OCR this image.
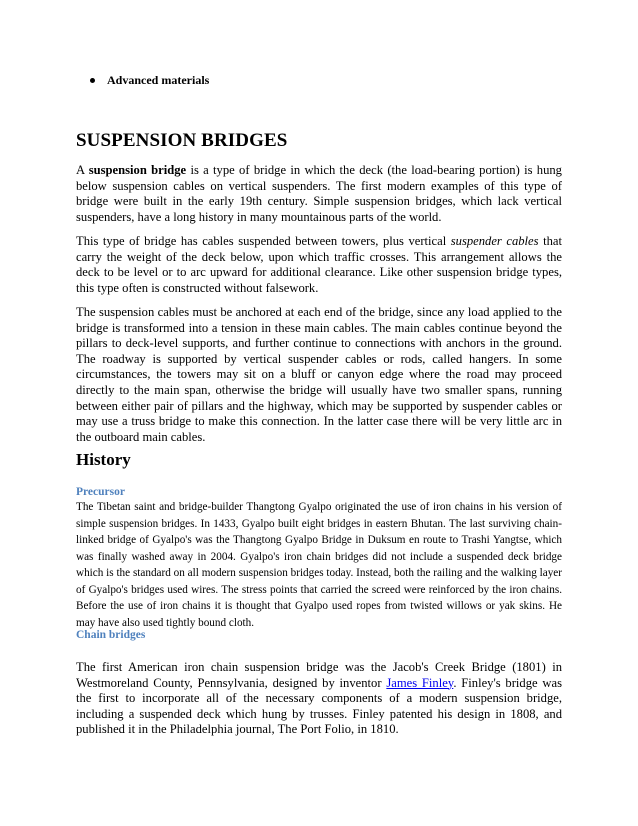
Advanced materials
SUSPENSION BRIDGES

A suspension bridge is a type of bridge in which the deck (the load-bearing portion) is hung below suspension cables on vertical suspenders. The first modern examples of this type of bridge were built in the early 19th century. Simple suspension bridges, which lack vertical suspenders, have a long history in many mountainous parts of the world.

This type of bridge has cables suspended between towers, plus vertical suspender cables that carry the weight of the deck below, upon which traffic crosses. This arrangement allows the deck to be level or to arc upward for additional clearance. Like other suspension bridge types, this type often is constructed without falsework.

The suspension cables must be anchored at each end of the bridge, since any load applied to the bridge is transformed into a tension in these main cables. The main cables continue beyond the pillars to deck-level supports, and further continue to connections with anchors in the ground. The roadway is supported by vertical suspender cables or rods, called hangers. In some circumstances, the towers may sit on a bluff or canyon edge where the road may proceed directly to the main span, otherwise the bridge will usually have two smaller spans, running between either pair of pillars and the highway, which may be supported by suspender cables or may use a truss bridge to make this connection. In the latter case there will be very little arc in the outboard main cables.

History
Precursor

The Tibetan saint and bridge-builder Thangtong Gyalpo originated the use of iron chains in his version of simple suspension bridges. In 1433, Gyalpo built eight bridges in eastern Bhutan. The last surviving chain-linked bridge of Gyalpo's was the Thangtong Gyalpo Bridge in Duksum en route to Trashi Yangtse, which was finally washed away in 2004. Gyalpo's iron chain bridges did not include a suspended deck bridge which is the standard on all modern suspension bridges today. Instead, both the railing and the walking layer of Gyalpo's bridges used wires. The stress points that carried the screed were reinforced by the iron chains. Before the use of iron chains it is thought that Gyalpo used ropes from twisted willows or yak skins. He may have also used tightly bound cloth.

Chain bridges

The first American iron chain suspension bridge was the Jacob's Creek Bridge (1801) in Westmoreland County, Pennsylvania, designed by inventor James Finley. Finley's bridge was the first to incorporate all of the necessary components of a modern suspension bridge, including a suspended deck which hung by trusses. Finley patented his design in 1808, and published it in the Philadelphia journal, The Port Folio, in 1810.
